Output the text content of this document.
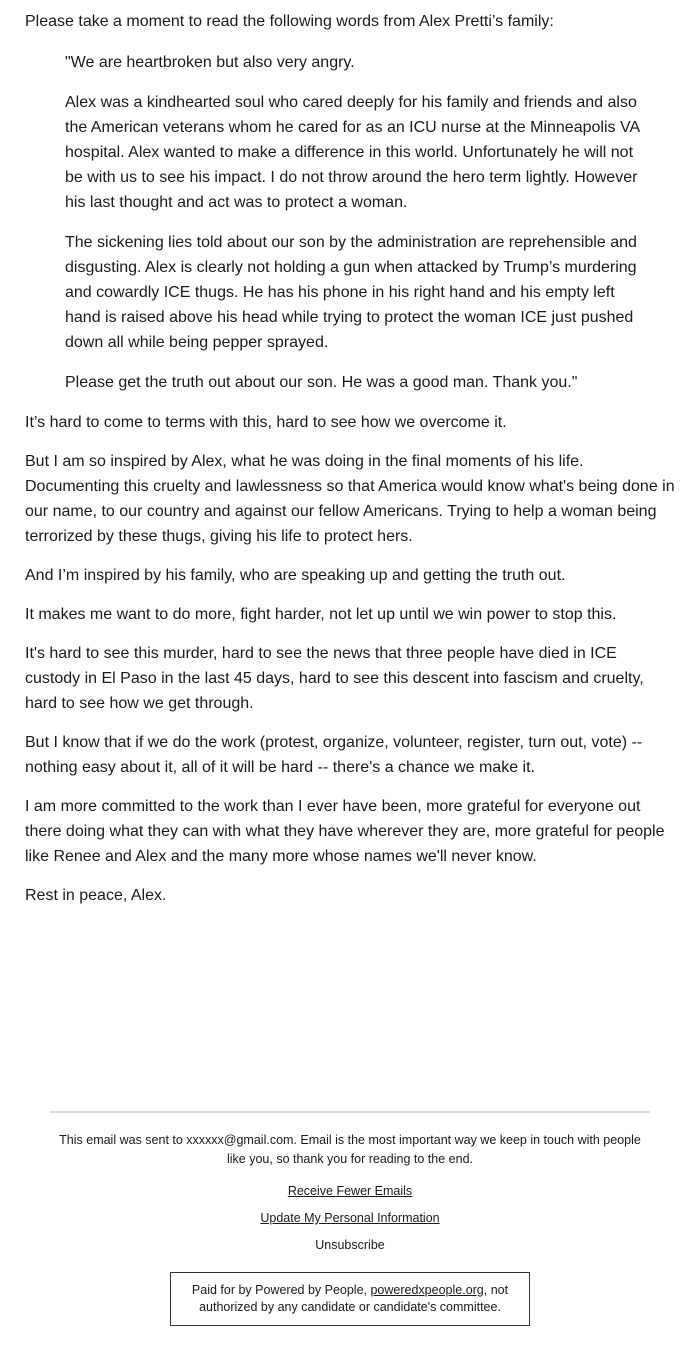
Please take a moment to read the following words from Alex Pretti’s family:

"We are heartbroken but also very angry.

Alex was a kindhearted soul who cared deeply for his family and friends and also the American veterans whom he cared for as an ICU nurse at the Minneapolis VA hospital. Alex wanted to make a difference in this world. Unfortunately he will not be with us to see his impact. I do not throw around the hero term lightly. However his last thought and act was to protect a woman.

The sickening lies told about our son by the administration are reprehensible and disgusting. Alex is clearly not holding a gun when attacked by Trump’s murdering and cowardly ICE thugs. He has his phone in his right hand and his empty left hand is raised above his head while trying to protect the woman ICE just pushed down all while being pepper sprayed.

Please get the truth out about our son. He was a good man. Thank you."

It’s hard to come to terms with this, hard to see how we overcome it.

But I am so inspired by Alex, what he was doing in the final moments of his life. Documenting this cruelty and lawlessness so that America would know what's being done in our name, to our country and against our fellow Americans. Trying to help a woman being terrorized by these thugs, giving his life to protect hers.

And I’m inspired by his family, who are speaking up and getting the truth out.

It makes me want to do more, fight harder, not let up until we win power to stop this.

It's hard to see this murder, hard to see the news that three people have died in ICE custody in El Paso in the last 45 days, hard to see this descent into fascism and cruelty, hard to see how we get through.

But I know that if we do the work (protest, organize, volunteer, register, turn out, vote) -- nothing easy about it, all of it will be hard -- there's a chance we make it.

I am more committed to the work than I ever have been, more grateful for everyone out there doing what they can with what they have wherever they are, more grateful for people like Renee and Alex and the many more whose names we'll never know.

Rest in peace, Alex.

This email was sent to xxxxxx@gmail.com. Email is the most important way we keep in touch with people like you, so thank you for reading to the end.

Receive Fewer Emails
Update My Personal Information
Unsubscribe
Paid for by Powered by People, poweredxpeople.org, not authorized by any candidate or candidate's committee.
